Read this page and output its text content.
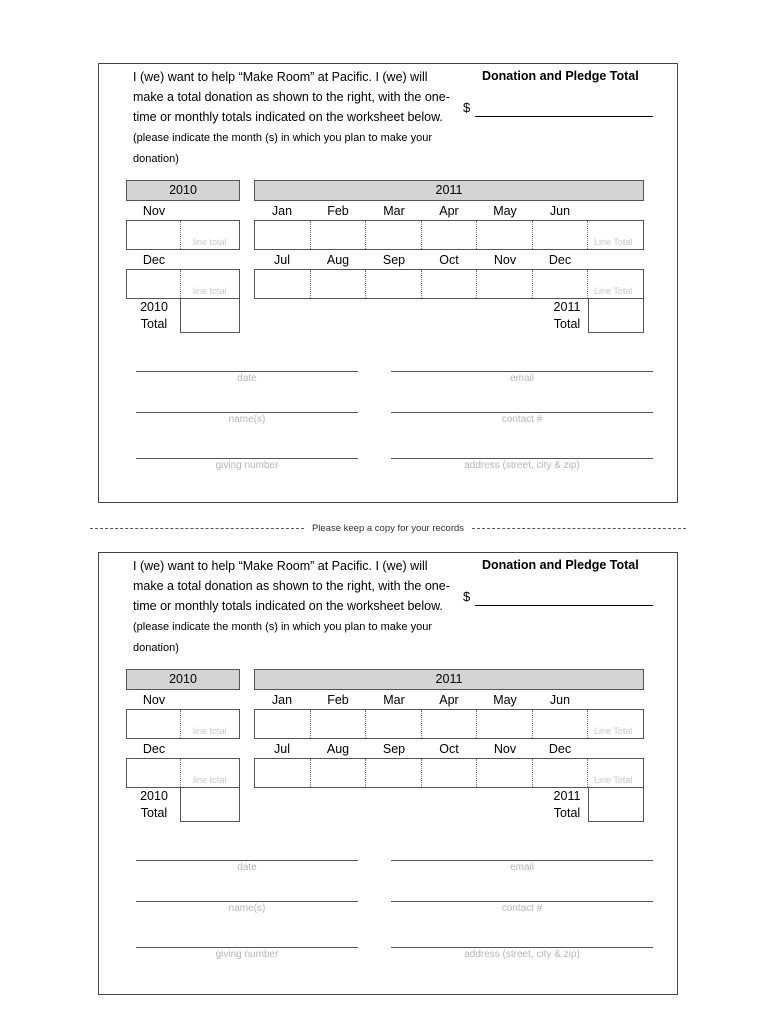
I (we) want to help “Make Room” at Pacific. I (we) will make a total donation as shown to the right, with the one-time or monthly totals indicated on the worksheet below. (please indicate the month (s) in which you plan to make your donation)
Donation and Pledge Total
$
2010	2011
Nov	Jan	Feb	Mar	Apr	May	Jun
line total	Line Total
Dec	Jul	Aug	Sep	Oct	Nov	Dec
line total	Line Total
2010
Total
2011
Total
date	email
name(s)	contact #
giving number	address (street, city & zip)
Please keep a copy for your records
I (we) want to help “Make Room” at Pacific. I (we) will make a total donation as shown to the right, with the one-time or monthly totals indicated on the worksheet below. (please indicate the month (s) in which you plan to make your donation)
Donation and Pledge Total
$
2010	2011
Nov	Jan	Feb	Mar	Apr	May	Jun
line total	Line Total
Dec	Jul	Aug	Sep	Oct	Nov	Dec
line total	Line Total
2010
Total
2011
Total
date	email
name(s)	contact #
giving number	address (street, city & zip)
